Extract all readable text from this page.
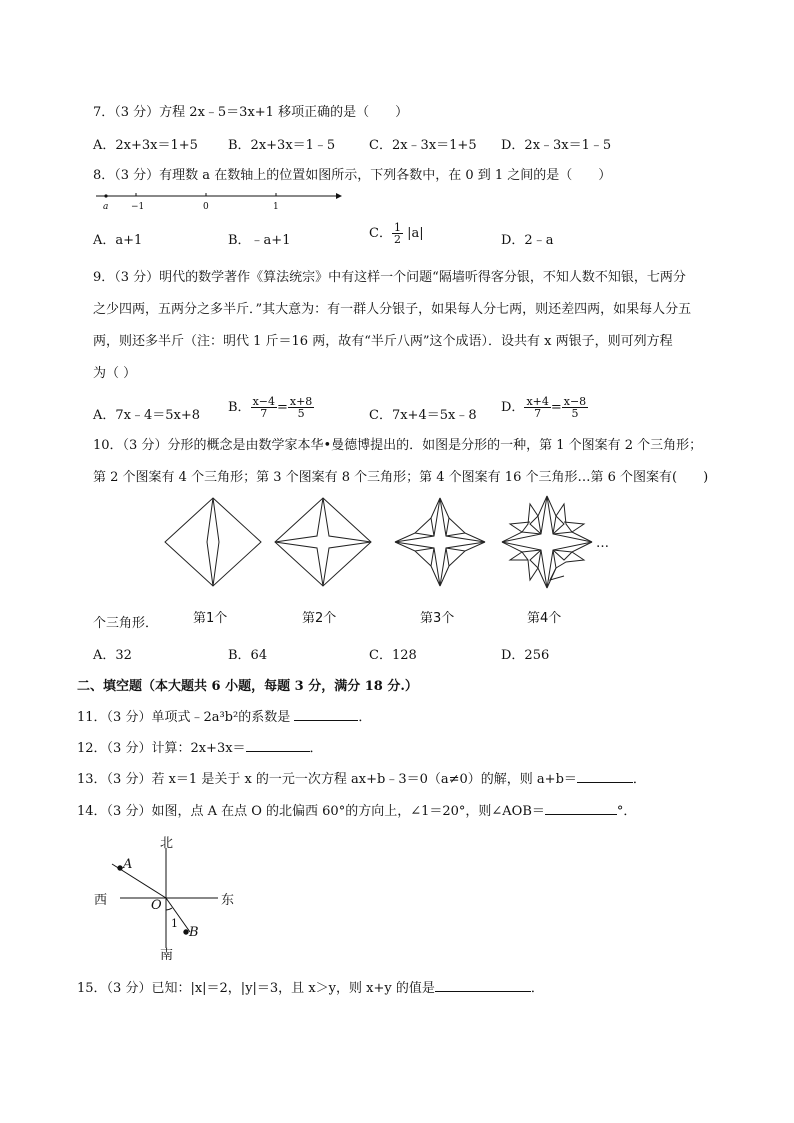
7．（3 分）方程 2x﹣5＝3x+1 移项正确的是（　　）
A．2x+3x＝1+5 B．2x+3x＝1﹣5	C．2x﹣3x＝1+5 D．2x﹣3x＝1﹣5
8．（3 分）有理数 a 在数轴上的位置如图所示，下列各数中，在 0 到 1 之间的是（　　）
a	−1	0	1
A．a+1	B．﹣a+1	C． $\frac{1}{2} |a|$	D．2﹣a
9．（3 分）明代的数学著作《算法统宗》中有这样一个问题“隔墙听得客分银，不知人数不知银，七两分
之少四两，五两分之多半斤．”其大意为：有一群人分银子，如果每人分七两，则还差四两，如果每人分五
两，则还多半斤（注：明代 1 斤＝16 两，故有“半斤八两”这个成语）．设共有 x 两银子，则可列方程
为（ ）
A．7x﹣4＝5x+8
B． $\frac{x-4}{7} = \frac{x+8}{5}$	C．7x+4＝5x﹣8
D． $\frac{x+4}{7} = \frac{x-8}{5}$
10．（3 分）分形的概念是由数学家本华•曼德博提出的．如图是分形的一种，第 1 个图案有 2 个三角形；
第 2 个图案有 4 个三角形；第 3 个图案有 8 个三角形；第 4 个图案有 16 个三角形…第 6 个图案有(　　)
…
个三角形．	第1个	第2个	第3个	第4个
A．32	B．64	C．128	D．256
二、填空题（本大题共 6 小题，每题 3 分，满分 18 分.）
11．（3 分）单项式﹣2a³b²的系数是	．
12．（3 分）计算：2x+3x＝	．
13．（3 分）若 x＝1 是关于 x 的一元一次方程 ax+b﹣3＝0（a≠0）的解，则 a+b＝	．
14．（3 分）如图，点 A 在点 O 的北偏西 60°的方向上，∠1＝20°，则∠AOB＝	°．
北
南
西	东
A
B
O
1
15．（3 分）已知：|x|＝2，|y|＝3，且 x＞y，则 x+y 的值是	．
